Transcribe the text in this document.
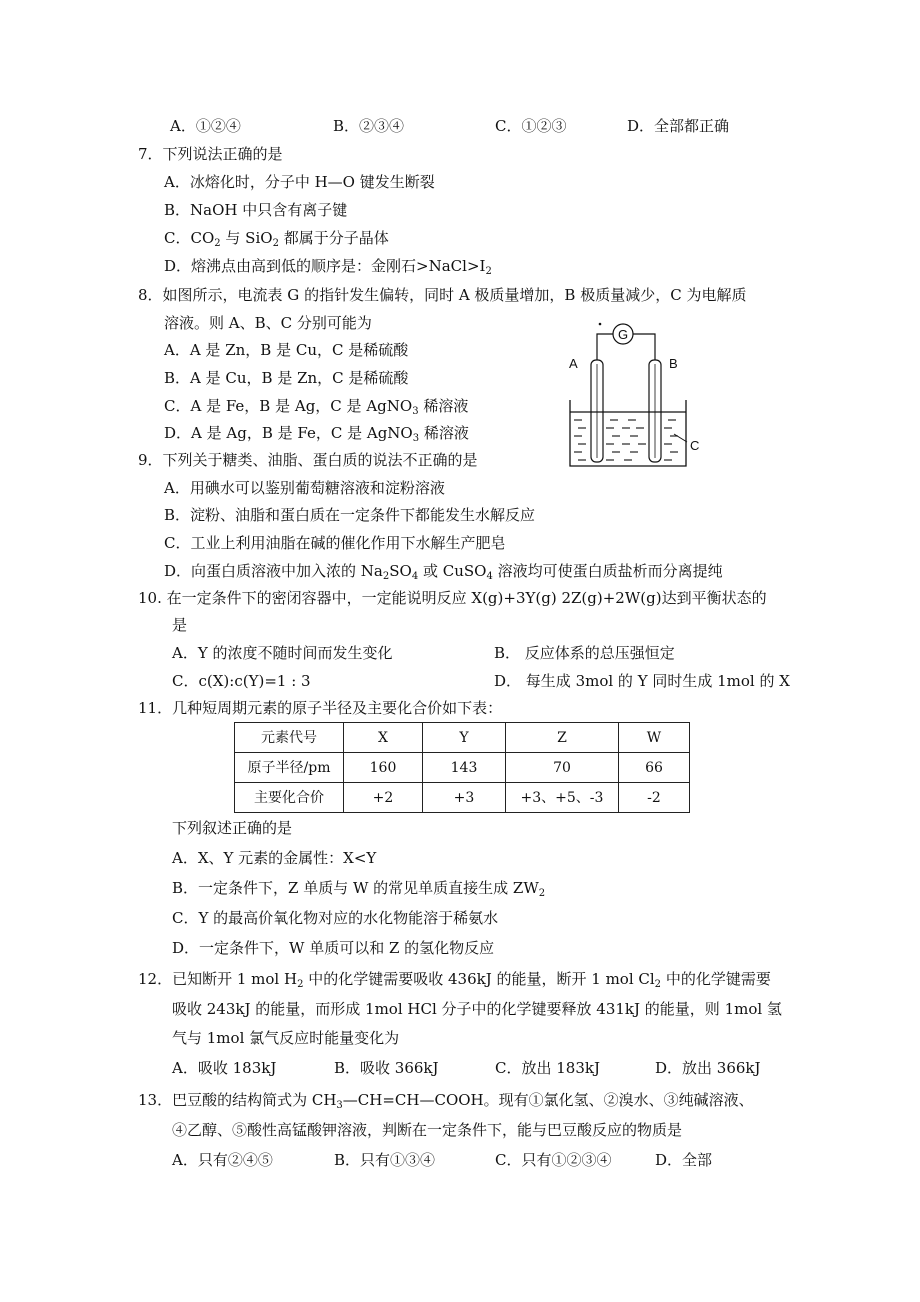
A．①②④	B．②③④	C．①②③	D．全部都正确
7．下列说法正确的是
A．冰熔化时，分子中 H—O 键发生断裂
B．NaOH 中只含有离子键
C．$CO_2$ 与 SiO$_2$ 都属于分子晶体
D．熔沸点由高到低的顺序是：金刚石$>NaCl>I_2$
8．如图所示，电流表 G 的指针发生偏转，同时 A 极质量增加，B 极质量减少，C 为电解质
溶液。则 A、B、C 分别可能为
A．A 是 Zn，B 是 Cu，C 是稀硫酸
B．A 是 Cu，B 是 Zn，C 是稀硫酸
C．A 是 Fe，B 是 Ag，C 是 AgNO$_3$ 稀溶液
D．A 是 Ag，B 是 Fe，C 是 AgNO$_3$ 稀溶液
G
A	B
C
9．下列关于糖类、油脂、蛋白质的说法不正确的是
A．用碘水可以鉴别葡萄糖溶液和淀粉溶液
B．淀粉、油脂和蛋白质在一定条件下都能发生水解反应
C．工业上利用油脂在碱的催化作用下水解生产肥皂
D．向蛋白质溶液中加入浓的 $Na_2SO_4$ 或 CuSO$_4$ 溶液均可使蛋白质盐析而分离提纯
10. 在一定条件下的密闭容器中，一定能说明反应 X(g)+3Y(g) 2Z(g)+2W(g)达到平衡状态的
是
A．Y 的浓度不随时间而发生变化	B． 反应体系的总压强恒定
C．c(X):c(Y)=1 : 3	D． 每生成 3mol 的 Y 同时生成 1mol 的 X
11．几种短周期元素的原子半径及主要化合价如下表：
元素代号	X	Y	Z	W
原子半径/pm	160	143	70	66
主要化合价	+2	+3	+3、+5、-3	-2
下列叙述正确的是
A．X、Y 元素的金属性：X<Y
B．一定条件下，Z 单质与 W 的常见单质直接生成 $ZW_2$
C．Y 的最高价氧化物对应的水化物能溶于稀氨水
D．一定条件下，W 单质可以和 Z 的氢化物反应
12．已知断开 1 mol $H_2$ 中的化学键需要吸收 436kJ 的能量，断开 1 mol $Cl_2$ 中的化学键需要
吸收 243kJ 的能量，而形成 1mol HCl 分子中的化学键要释放 431kJ 的能量，则 1mol 氢
气与 1mol 氯气反应时能量变化为
A．吸收 183kJ	B．吸收 366kJ	C．放出 183kJ	D．放出 366kJ
13．巴豆酸的结构简式为 $CH_3—CH=CH—COOH$。现有①氯化氢、②溴水、③纯碱溶液、
④乙醇、⑤酸性高锰酸钾溶液，判断在一定条件下，能与巴豆酸反应的物质是
A．只有②④⑤	B．只有①③④	C．只有①②③④	D．全部
